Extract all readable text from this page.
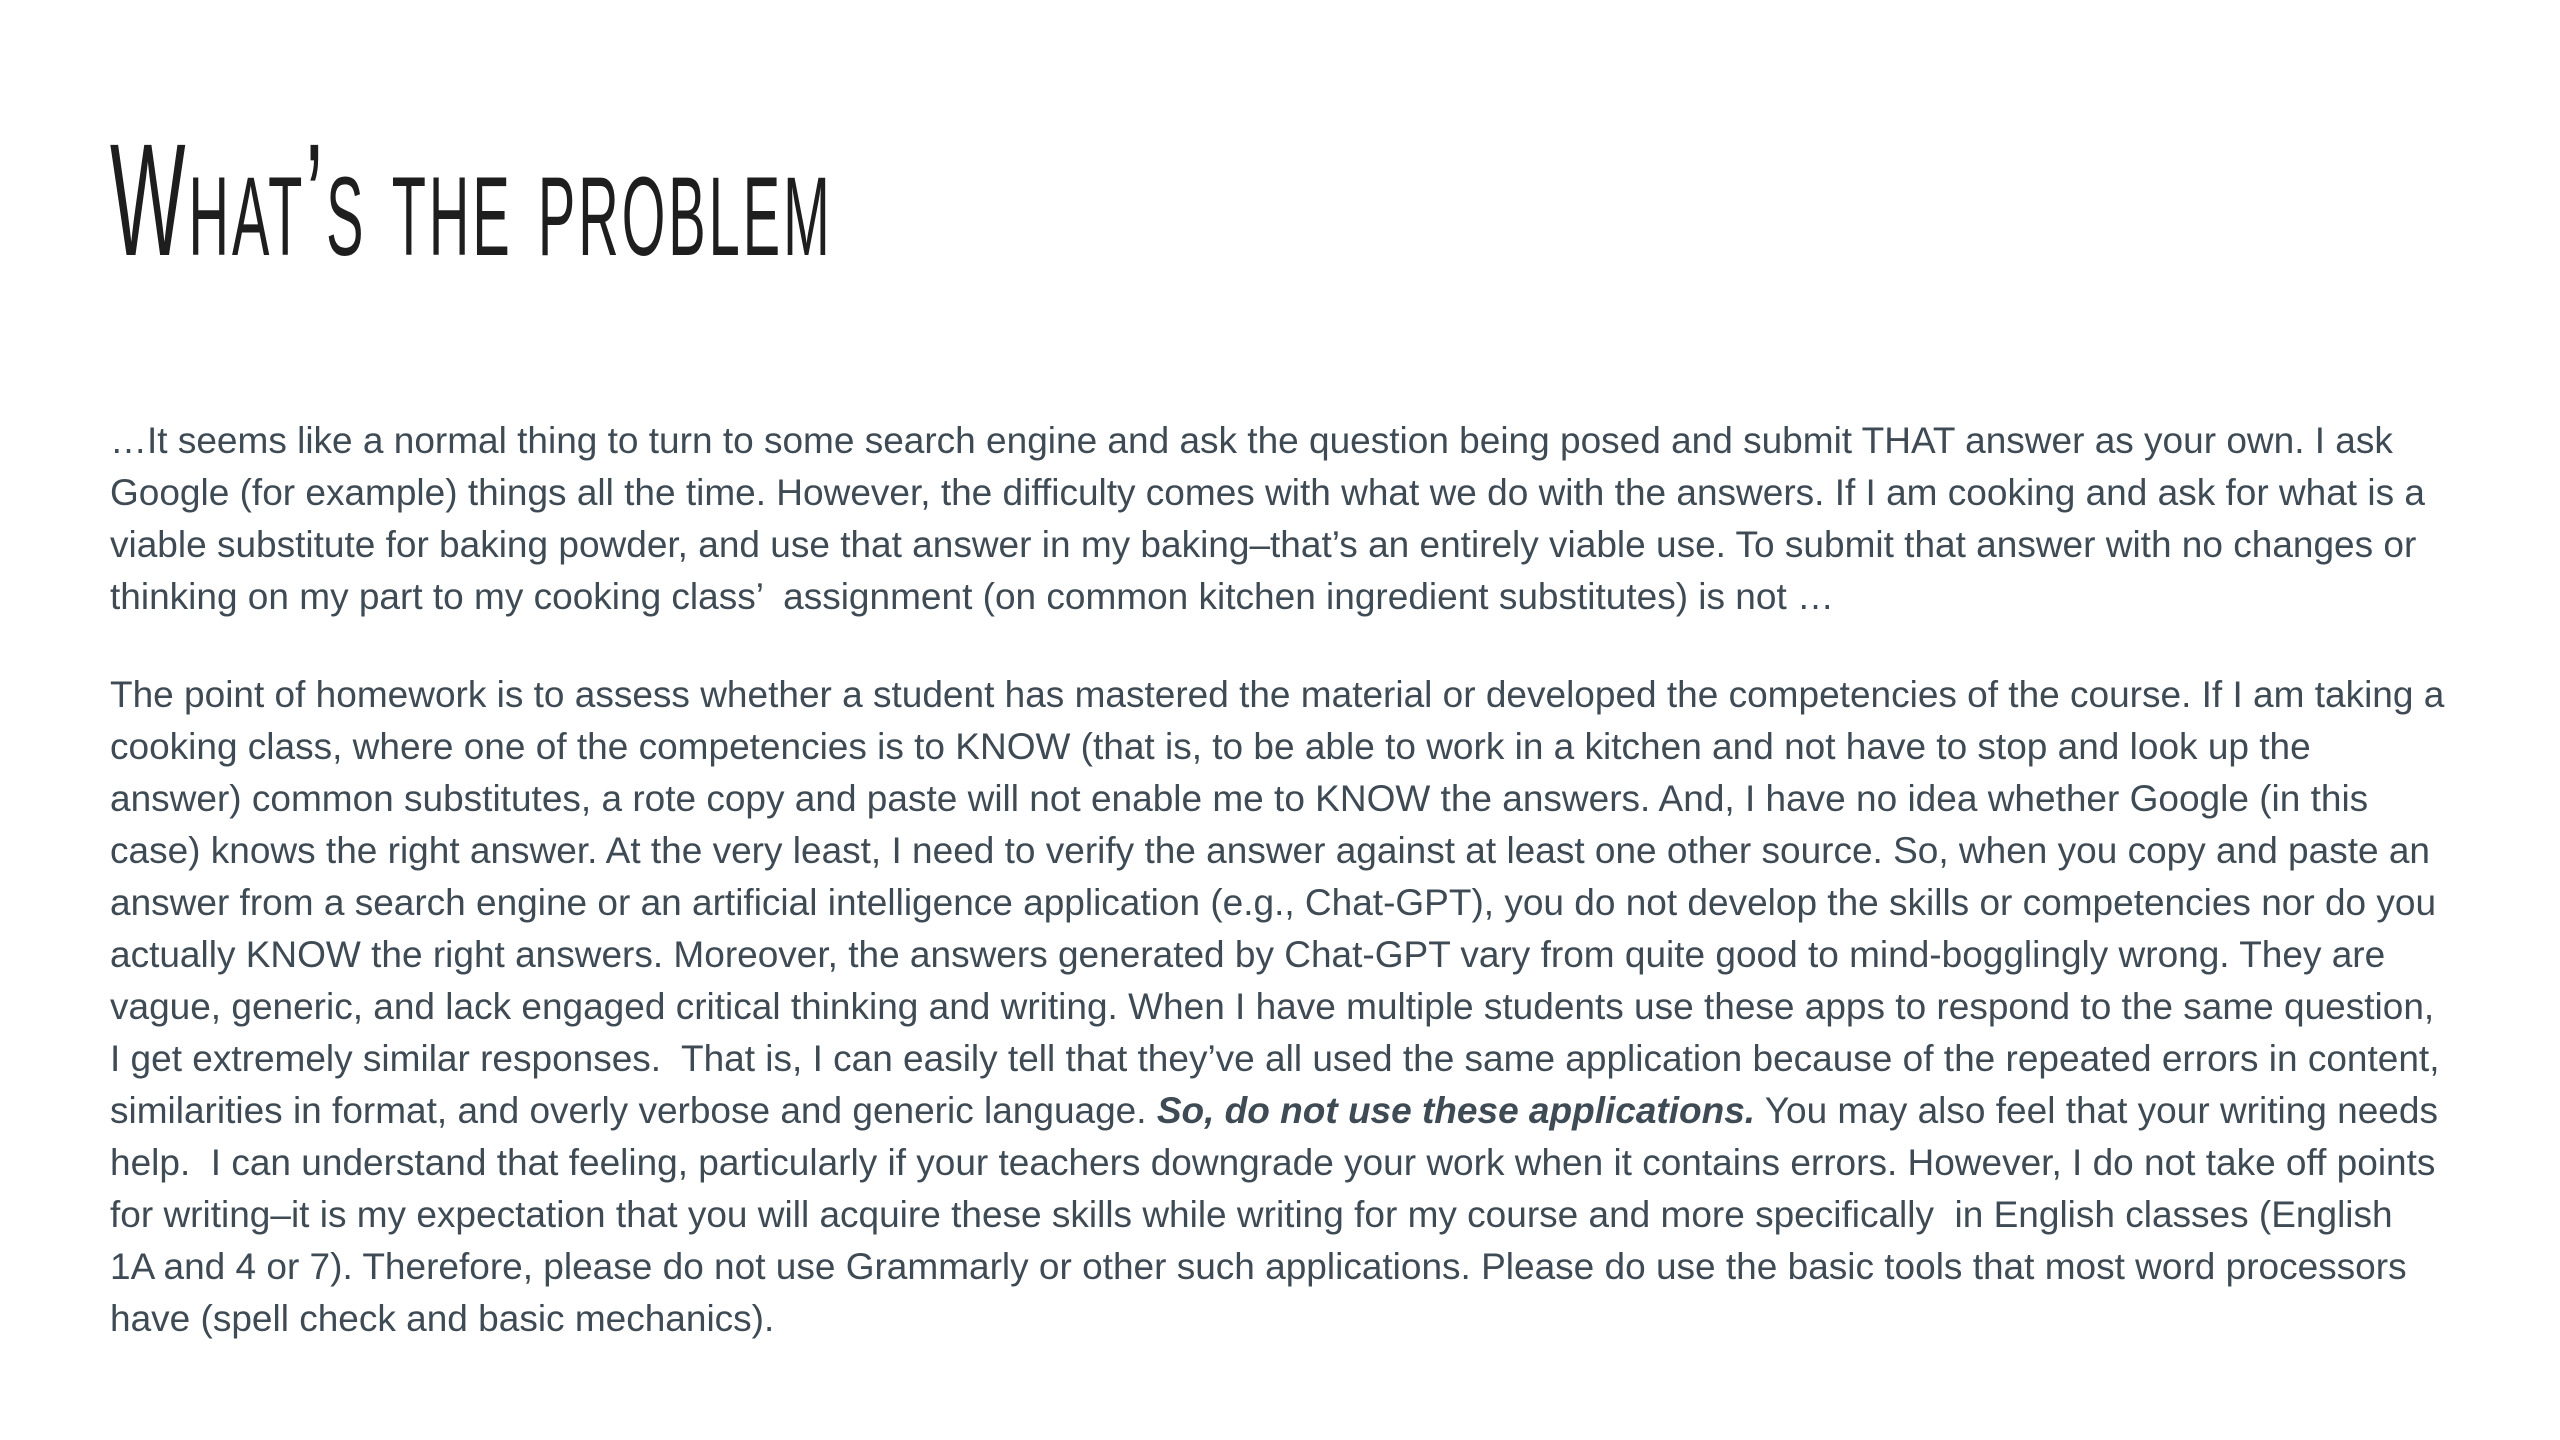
What’s the problem

…It seems like a normal thing to turn to some search engine and ask the question being posed and submit THAT answer as your own. I ask Google (for example) things all the time. However, the difficulty comes with what we do with the answers. If I am cooking and ask for what is a viable substitute for baking powder, and use that answer in my baking–that’s an entirely viable use. To submit that answer with no changes or thinking on my part to my cooking class’  assignment (on common kitchen ingredient substitutes) is not …

The point of homework is to assess whether a student has mastered the material or developed the competencies of the course. If I am taking a cooking class, where one of the competencies is to KNOW (that is, to be able to work in a kitchen and not have to stop and look up the answer) common substitutes, a rote copy and paste will not enable me to KNOW the answers. And, I have no idea whether Google (in this case) knows the right answer. At the very least, I need to verify the answer against at least one other source. So, when you copy and paste an answer from a search engine or an artificial intelligence application (e.g., Chat-GPT), you do not develop the skills or competencies nor do you actually KNOW the right answers. Moreover, the answers generated by Chat-GPT vary from quite good to mind-bogglingly wrong. They are vague, generic, and lack engaged critical thinking and writing. When I have multiple students use these apps to respond to the same question, I get extremely similar responses.  That is, I can easily tell that they’ve all used the same application because of the repeated errors in content, similarities in format, and overly verbose and generic language. So, do not use these applications. You may also feel that your writing needs help.  I can understand that feeling, particularly if your teachers downgrade your work when it contains errors. However, I do not take off points for writing–it is my expectation that you will acquire these skills while writing for my course and more specifically  in English classes (English 1A and 4 or 7). Therefore, please do not use Grammarly or other such applications. Please do use the basic tools that most word processors have (spell check and basic mechanics).
